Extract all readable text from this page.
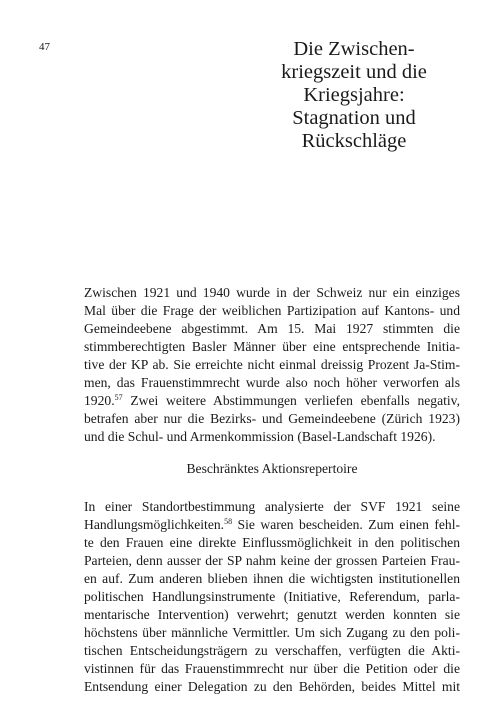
47	Die Zwischen-
kriegszeit und die
Kriegsjahre:
Stagnation und
Rückschläge
Zwischen 1921 und 1940 wurde in der Schweiz nur ein einziges
Mal über die Frage der weiblichen Partizipation auf Kantons- und
Gemeindeebene abgestimmt. Am 15. Mai 1927 stimmten die
stimmberechtigten Basler Männer über eine entsprechende Initia-
tive der KP ab. Sie erreichte nicht einmal dreissig Prozent Ja-Stim-
men, das Frauenstimmrecht wurde also noch höher verworfen als
1920.57 Zwei weitere Abstimmungen verliefen ebenfalls negativ,
betrafen aber nur die Bezirks- und Gemeindeebene (Zürich 1923)
und die Schul- und Armenkommission (Basel-Landschaft 1926).
Beschränktes Aktionsrepertoire
In einer Standortbestimmung analysierte der SVF 1921 seine
Handlungsmöglichkeiten.$^{58}$ Sie waren bescheiden. Zum einen fehl-
te den Frauen eine direkte Einflussmöglichkeit in den politischen
Parteien, denn ausser der SP nahm keine der grossen Parteien Frau-
en auf. Zum anderen blieben ihnen die wichtigsten institutionellen
politischen Handlungsinstrumente (Initiative, Referendum, parla-
mentarische Intervention) verwehrt; genutzt werden konnten sie
höchstens über männliche Vermittler. Um sich Zugang zu den poli-
tischen Entscheidungsträgern zu verschaffen, verfügten die Akti-
vistinnen für das Frauenstimmrecht nur über die Petition oder die
Entsendung einer Delegation zu den Behörden, beides Mittel mit
